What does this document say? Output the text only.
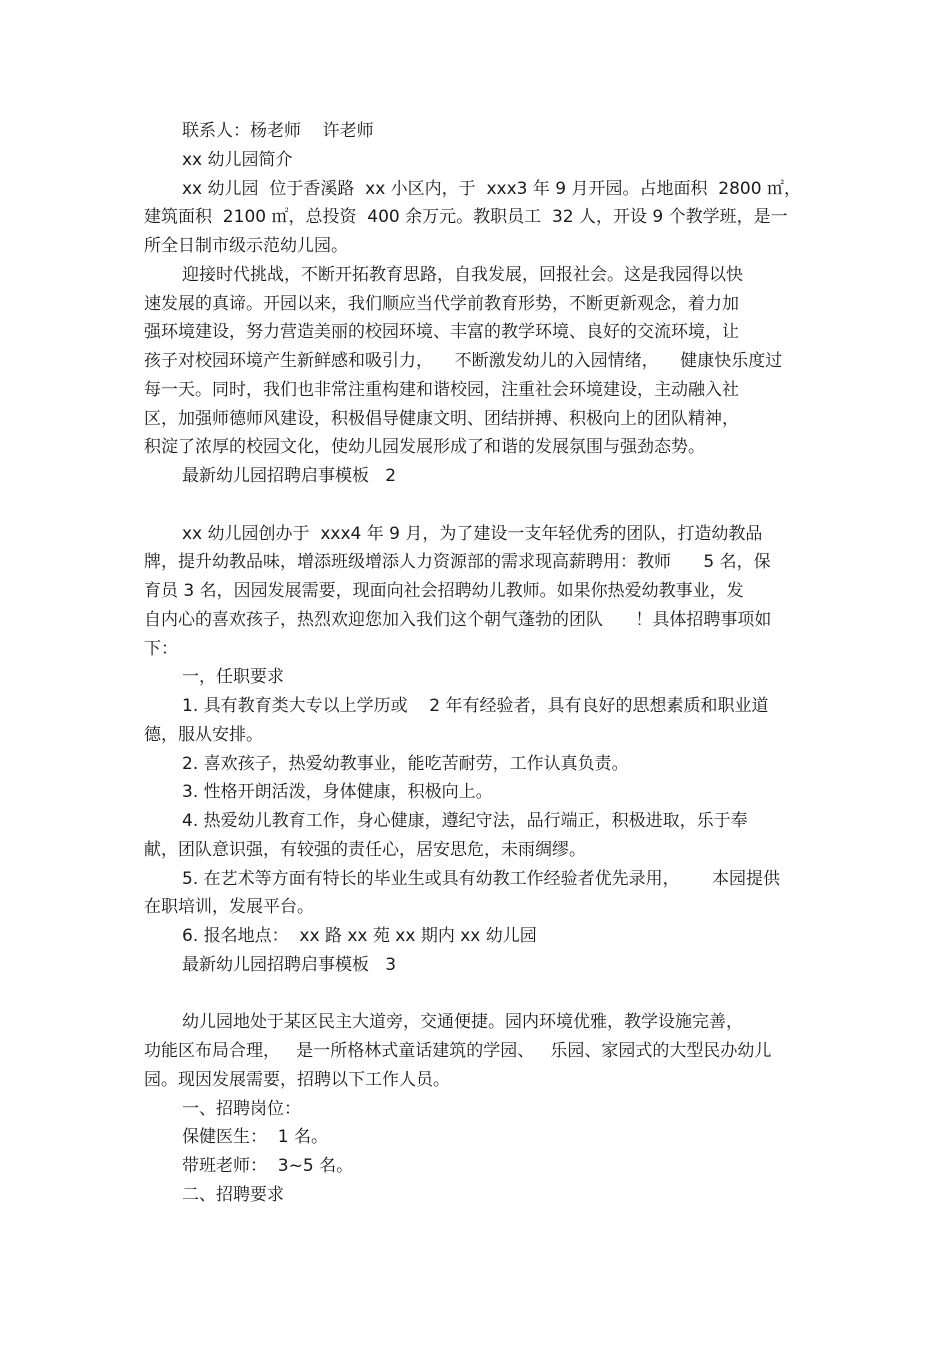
联系人：杨老师    许老师
xx 幼儿园简介
xx 幼儿园  位于香溪路  xx 小区内，于  xxx3 年 9 月开园。占地面积  2800 ㎡，
建筑面积  2100 ㎡，总投资  400 余万元。教职员工  32 人，开设 9 个教学班，是一
所全日制市级示范幼儿园。
迎接时代挑战，不断开拓教育思路，自我发展，回报社会。这是我园得以快
速发展的真谛。开园以来，我们顺应当代学前教育形势，不断更新观念，着力加
强环境建设，努力营造美丽的校园环境、丰富的教学环境、良好的交流环境，让
孩子对校园环境产生新鲜感和吸引力，    不断激发幼儿的入园情绪，    健康快乐度过
每一天。同时，我们也非常注重构建和谐校园，注重社会环境建设，主动融入社
区，加强师德师风建设，积极倡导健康文明、团结拼搏、积极向上的团队精神，
积淀了浓厚的校园文化，使幼儿园发展形成了和谐的发展氛围与强劲态势。
最新幼儿园招聘启事模板   2
xx 幼儿园创办于  xxx4 年 9 月，为了建设一支年轻优秀的团队，打造幼教品
牌，提升幼教品味，增添班级增添人力资源部的需求现高薪聘用：教师      5 名，保
育员 3 名，因园发展需要，现面向社会招聘幼儿教师。如果你热爱幼教事业，发
自内心的喜欢孩子，热烈欢迎您加入我们这个朝气蓬勃的团队      ！具体招聘事项如
下：
一，任职要求
1. 具有教育类大专以上学历或    2 年有经验者，具有良好的思想素质和职业道
德，服从安排。
2. 喜欢孩子，热爱幼教事业，能吃苦耐劳，工作认真负责。
3. 性格开朗活泼，身体健康，积极向上。
4. 热爱幼儿教育工作，身心健康，遵纪守法，品行端正，积极进取，乐于奉
献，团队意识强，有较强的责任心，居安思危，未雨绸缪。
5. 在艺术等方面有特长的毕业生或具有幼教工作经验者优先录用，      本园提供
在职培训，发展平台。
6. 报名地点：  xx 路 xx 苑 xx 期内 xx 幼儿园
最新幼儿园招聘启事模板   3
幼儿园地处于某区民主大道旁，交通便捷。园内环境优雅，教学设施完善，
功能区布局合理，   是一所格林式童话建筑的学园、   乐园、家园式的大型民办幼儿
园。现因发展需要，招聘以下工作人员。
一、招聘岗位：
保健医生：  1 名。
带班老师：  3~5 名。
二、招聘要求
